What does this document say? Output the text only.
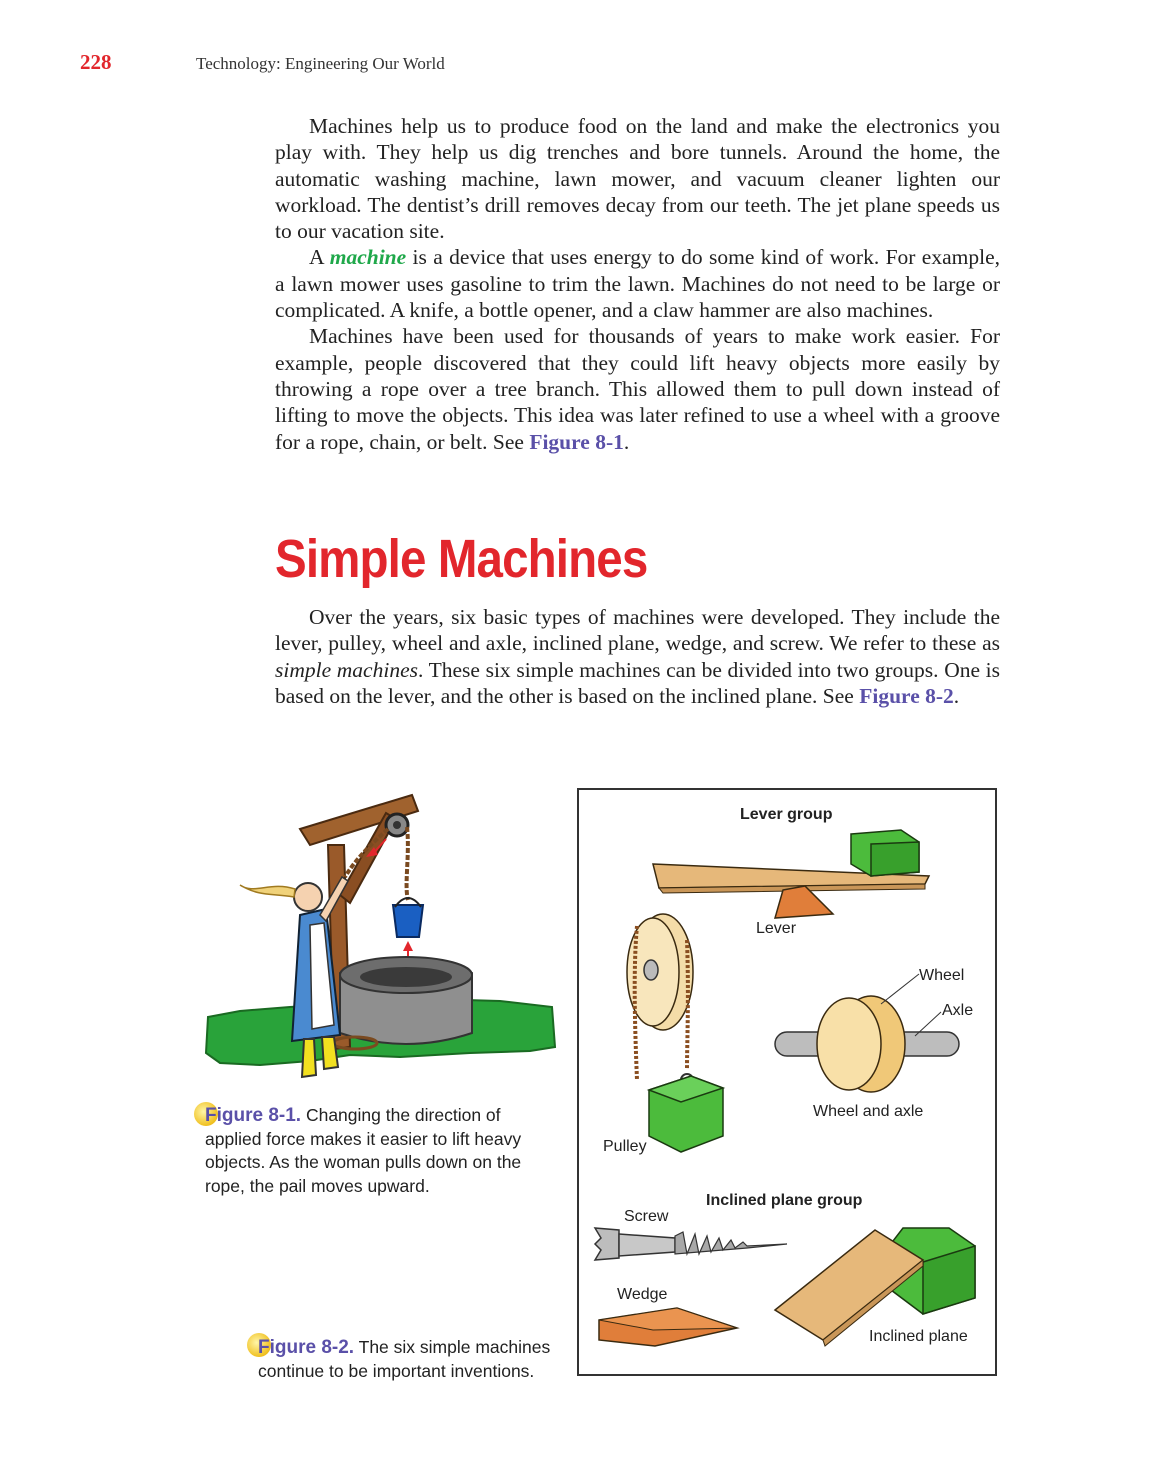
228	Technology: Engineering Our World

Machines help us to produce food on the land and make the electronics you play with. They help us dig trenches and bore tunnels. Around the home, the automatic washing machine, lawn mower, and vacuum cleaner lighten our workload. The dentist’s drill removes decay from our teeth. The jet plane speeds us to our vacation site.

A machine is a device that uses energy to do some kind of work. For example, a lawn mower uses gasoline to trim the lawn. Machines do not need to be large or complicated. A knife, a bottle opener, and a claw hammer are also machines.

Machines have been used for thousands of years to make work easier. For example, people discovered that they could lift heavy objects more easily by throwing a rope over a tree branch. This allowed them to pull down instead of lifting to move the objects. This idea was later refined to use a wheel with a groove for a rope, chain, or belt. See Figure 8-1.

Simple Machines

Over the years, six basic types of machines were developed. They include the lever, pulley, wheel and axle, inclined plane, wedge, and screw. We refer to these as simple machines. These six simple machines can be divided into two groups. One is based on the lever, and the other is based on the inclined plane. See Figure 8-2.

Figure 8-1. Changing the direction of applied force makes it easier to lift heavy objects. As the woman pulls down on the rope, the pail moves upward.
Lever group
Lever
Wheel
Axle
Wheel and axle
Pulley
Inclined plane group
Screw
Wedge
Inclined plane
Figure 8-2. The six simple machines continue to be important inventions.
